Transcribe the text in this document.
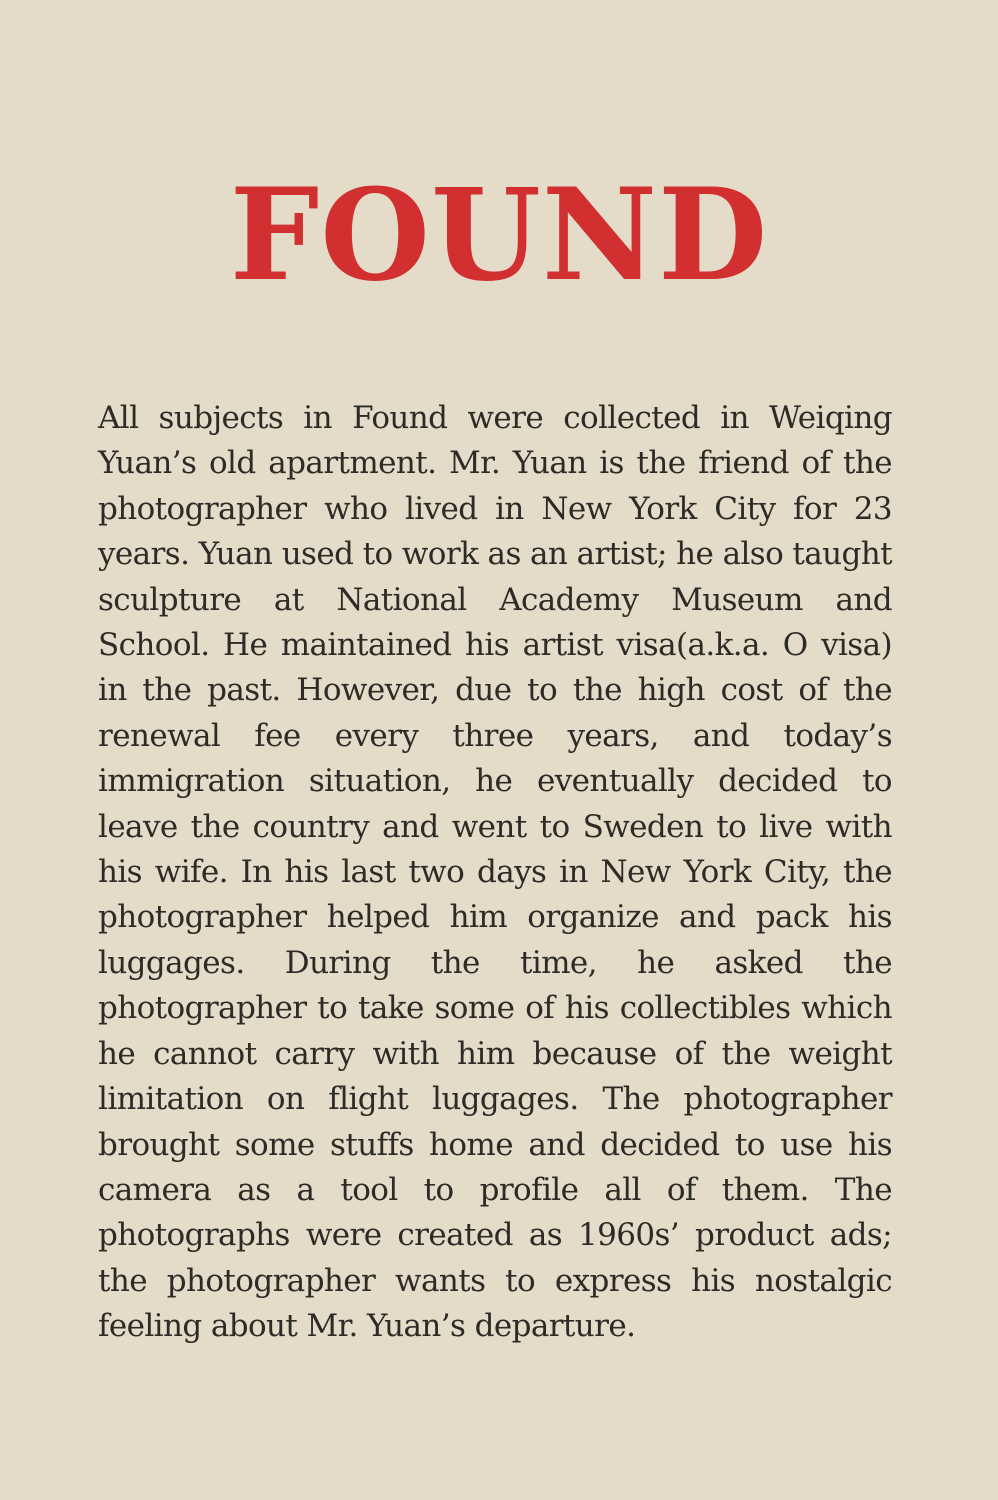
FOUND

All subjects in Found were collected in Weiqing Yuan’s old apartment. Mr. Yuan is the friend of the photographer who lived in New York City for 23 years. Yuan used to work as an artist; he also taught sculpture at National Academy Museum and School. He maintained his artist visa(a.k.a. O visa) in the past. However, due to the high cost of the renewal fee every three years, and today’s immigration situation, he eventually decided to leave the country and went to Sweden to live with his wife. In his last two days in New York City, the photographer helped him organize and pack his luggages. During the time, he asked the photographer to take some of his collectibles which he cannot carry with him because of the weight limitation on flight luggages. The photographer brought some stuffs home and decided to use his camera as a tool to profile all of them. The photographs were created as 1960s’ product ads; the photographer wants to express his nostalgic feeling about Mr. Yuan’s departure.
